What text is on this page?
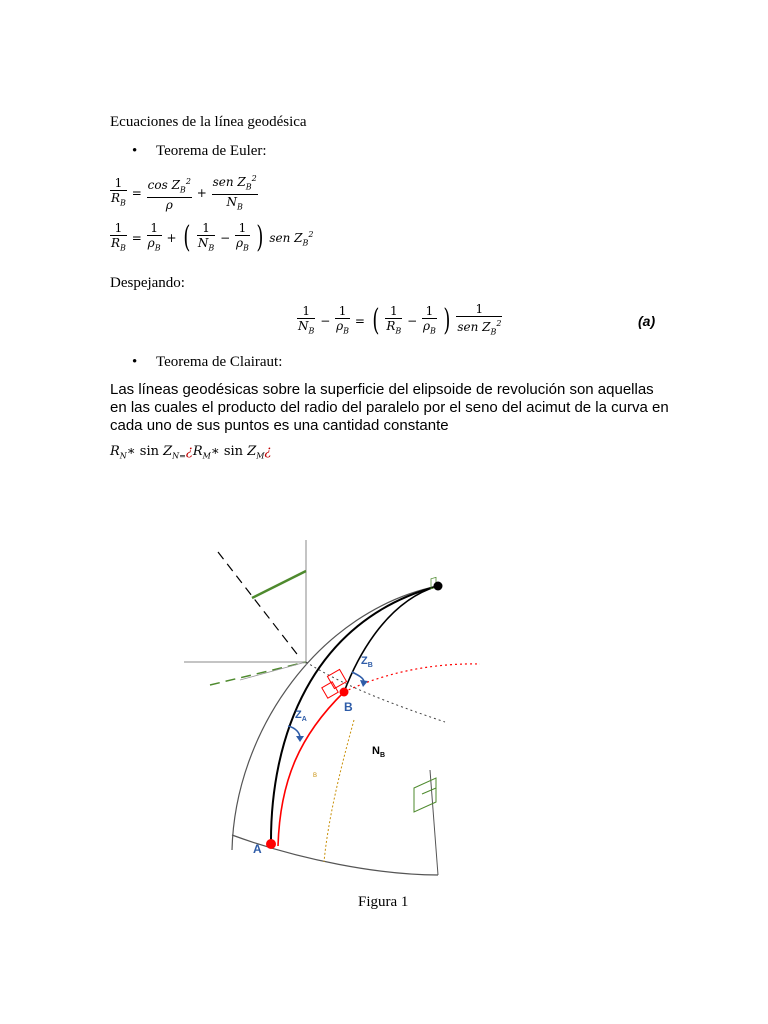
Ecuaciones de la línea geodésica
• Teorema de Euler:
$\frac{1}{R_B} = \frac{\cos Z_B^2}{\rho} + \frac{sen Z_B^2}{N_B}$
$\frac{1}{R_B} = \frac{1}{\rho_B}$ + ( $\frac{1}{N_B} - \frac{1}{\rho_B}$ ) sen $Z_B^2$
Despejando:
$\frac{1}{N_B} - \frac{1}{\rho_B}$ = ( $\frac{1}{R_B} - \frac{1}{\rho_B}$ ) $\frac{1}{sen Z_B^2}$	(a)
• Teorema de Clairaut:
Las líneas geodésicas sobre la superficie del elipsoide de revolución son aquellas en las cuales el producto del radio del paralelo por el seno del acimut de la curva en cada uno de sus puntos es una cantidad constante
$R_N∗$ $\sin Z_{N=}¿R_M∗$ $\sin Z_M¿$
A
B
$Z_A$
$Z_B$
$N_B$
B
Figura 1
